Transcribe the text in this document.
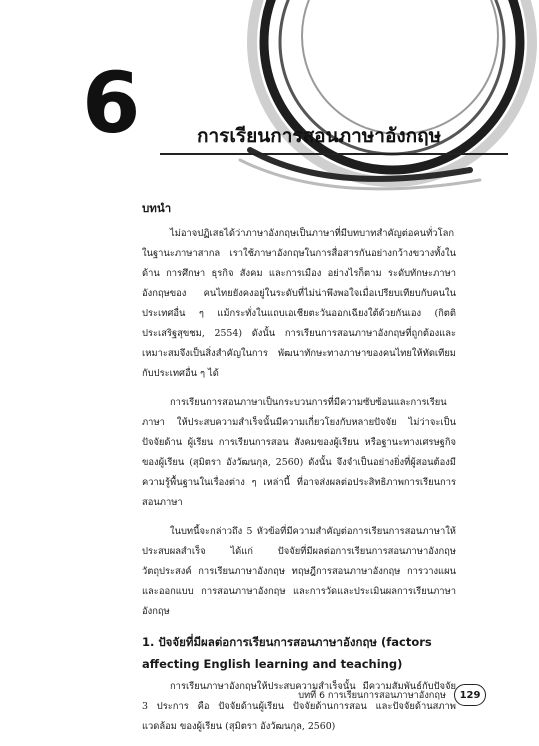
6	การเรียนการสอนภาษาอังกฤษ
บทนำ

ไม่อาจปฏิเสธได้ว่าภาษาอังกฤษเป็นภาษาที่มีบทบาทสำคัญต่อคนทั่วโลก ในฐานะภาษาสากล เราใช้ภาษาอังกฤษในการสื่อสารกันอย่างกว้างขวางทั้งในด้าน การศึกษา ธุรกิจ สังคม และการเมือง อย่างไรก็ตาม ระดับทักษะภาษาอังกฤษของ คนไทยยังคงอยู่ในระดับที่ไม่น่าพึงพอใจเมื่อเปรียบเทียบกับคนในประเทศอื่น ๆ แม้กระทั่งในแถบเอเชียตะวันออกเฉียงใต้ด้วยกันเอง (กิตติ ประเสริฐสุขชม, 2554) ดังนั้น การเรียนการสอนภาษาอังกฤษที่ถูกต้องและเหมาะสมจึงเป็นสิ่งสำคัญในการ พัฒนาทักษะทางภาษาของคนไทยให้ทัดเทียมกับประเทศอื่น ๆ ได้

การเรียนการสอนภาษาเป็นกระบวนการที่มีความซับซ้อนและการเรียนภาษา ให้ประสบความสำเร็จนั้นมีความเกี่ยวโยงกับหลายปัจจัย ไม่ว่าจะเป็นปัจจัยด้าน ผู้เรียน การเรียนการสอน สังคมของผู้เรียน หรือฐานะทางเศรษฐกิจของผู้เรียน (สุมิตรา อังวัฒนกุล, 2560) ดังนั้น จึงจำเป็นอย่างยิ่งที่ผู้สอนต้องมีความรู้พื้นฐานในเรื่องต่าง ๆ เหล่านี้ ที่อาจส่งผลต่อประสิทธิภาพการเรียนการสอนภาษา

ในบทนี้จะกล่าวถึง 5 หัวข้อที่มีความสำคัญต่อการเรียนการสอนภาษาให้ ประสบผลสำเร็จ ได้แก่ ปัจจัยที่มีผลต่อการเรียนการสอนภาษาอังกฤษ วัตถุประสงค์ การเรียนภาษาอังกฤษ ทฤษฎีการสอนภาษาอังกฤษ การวางแผนและออกแบบ การสอนภาษาอังกฤษ และการวัดและประเมินผลการเรียนภาษาอังกฤษ

1. ปัจจัยที่มีผลต่อการเรียนการสอนภาษาอังกฤษ (factors affecting English learning and teaching)

การเรียนภาษาอังกฤษให้ประสบความสำเร็จนั้น มีความสัมพันธ์กับปัจจัย 3 ประการ คือ ปัจจัยด้านผู้เรียน ปัจจัยด้านการสอน และปัจจัยด้านสภาพแวดล้อม ของผู้เรียน (สุมิตรา อังวัฒนกุล, 2560)

บทที่ 6 การเรียนการสอนภาษาอังกฤษ	129
